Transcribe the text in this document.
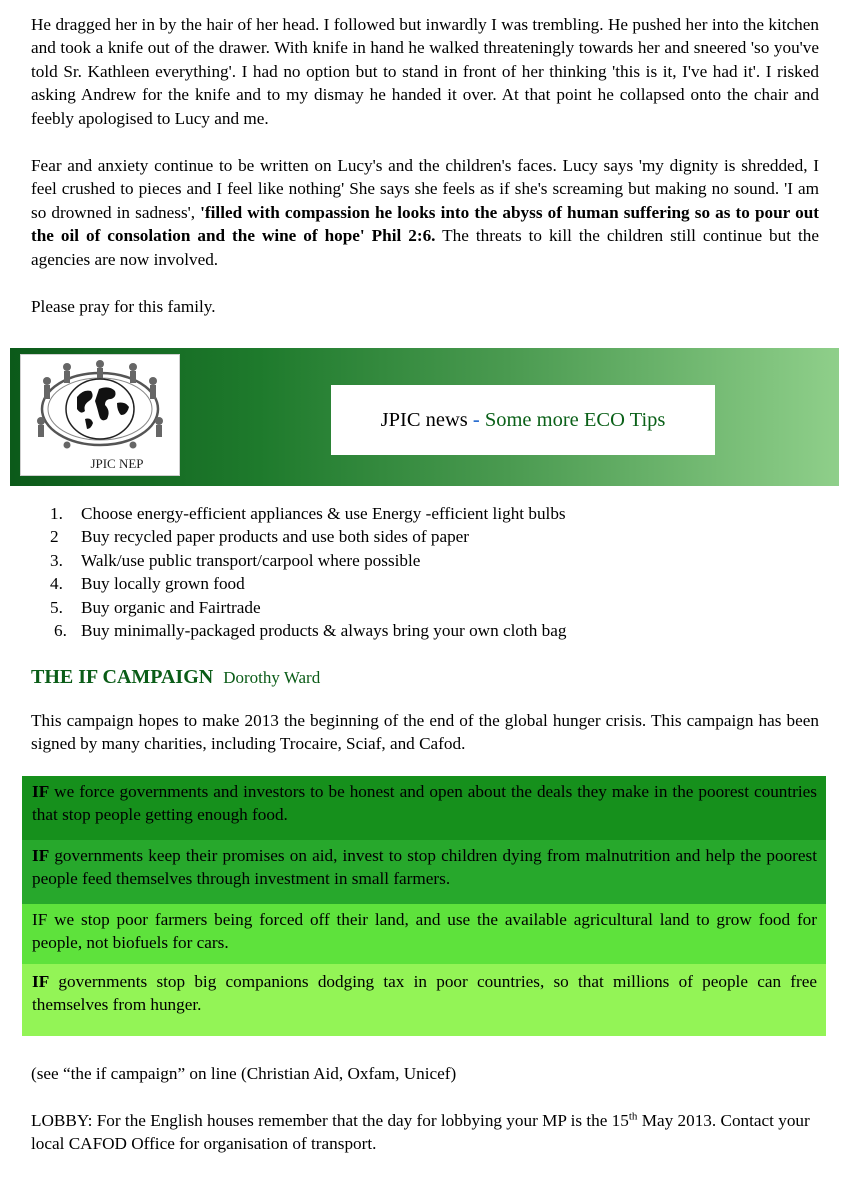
He dragged her in by the hair of her head. I followed but inwardly I was trembling. He pushed her into the kitchen and took a knife out of the drawer. With knife in hand he walked threateningly towards her and sneered 'so you've told Sr. Kathleen everything'. I had no option but to stand in front of her thinking 'this is it, I've had it'. I risked asking Andrew for the knife and to my dismay he handed it over. At that point he collapsed onto the chair and feebly apologised to Lucy and me.

Fear and anxiety continue to be written on Lucy's and the children's faces. Lucy says 'my dignity is shredded, I feel crushed to pieces and I feel like nothing' She says she feels as if she's screaming but making no sound. 'I am so drowned in sadness', 'filled with compassion he looks into the abyss of human suffering so as to pour out the oil of consolation and the wine of hope' Phil 2:6. The threats to kill the children still continue but the agencies are now involved.

Please pray for this family.

JPIC NEP
JPIC news - Some more ECO Tips
1. Choose energy-efficient appliances & use Energy -efficient light bulbs
2 Buy recycled paper products and use both sides of paper
3. Walk/use public transport/carpool where possible
4. Buy locally grown food
5. Buy organic and Fairtrade
6. Buy minimally-packaged products & always bring your own cloth bag
THE IF CAMPAIGN Dorothy Ward

This campaign hopes to make 2013 the beginning of the end of the global hunger crisis. This campaign has been signed by many charities, including Trocaire, Sciaf, and Cafod.

IF we force governments and investors to be honest and open about the deals they make in the poorest countries that stop people getting enough food.
IF governments keep their promises on aid, invest to stop children dying from malnutrition and help the poorest people feed themselves through investment in small farmers.
IF we stop poor farmers being forced off their land, and use the available agricultural land to grow food for people, not biofuels for cars.
IF governments stop big companions dodging tax in poor countries, so that millions of people can free themselves from hunger.

(see “the if campaign” on line (Christian Aid, Oxfam, Unicef)

LOBBY: For the English houses remember that the day for lobbying your MP is the 15th May 2013. Contact your local CAFOD Office for organisation of transport.
